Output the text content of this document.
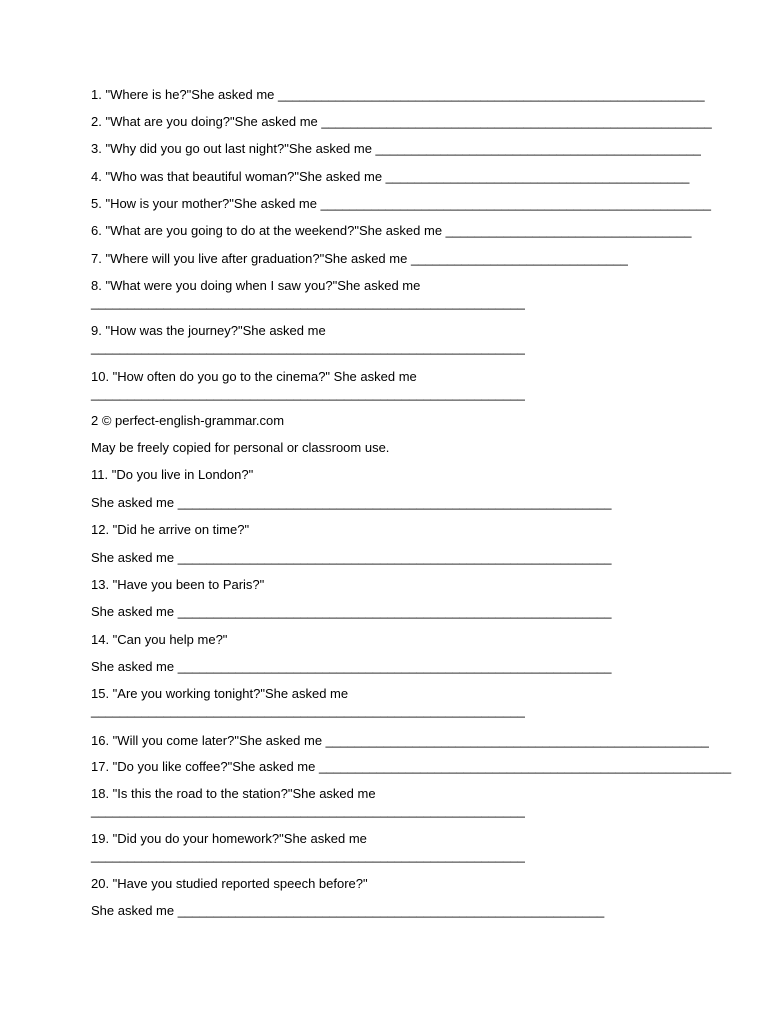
1. "Where is he?"She asked me ___________________________________________________________
2. "What are you doing?"She asked me ______________________________________________________
3. "Why did you go out last night?"She asked me _____________________________________________
4. "Who was that beautiful woman?"She asked me __________________________________________
5. "How is your mother?"She asked me ______________________________________________________
6. "What are you going to do at the weekend?"She asked me __________________________________
7. "Where will you live after graduation?"She asked me ______________________________
8. "What were you doing when I saw you?"She asked me
____________________________________________________________
9. "How was the journey?"She asked me
____________________________________________________________
10. "How often do you go to the cinema?" She asked me
____________________________________________________________
2 © perfect-english-grammar.com
May be freely copied for personal or classroom use.
11. "Do you live in London?"
She asked me ____________________________________________________________
12. "Did he arrive on time?"
She asked me ____________________________________________________________
13. "Have you been to Paris?"
She asked me ____________________________________________________________
14. "Can you help me?"
She asked me ____________________________________________________________
15. "Are you working tonight?"She asked me
____________________________________________________________
16. "Will you come later?"She asked me _____________________________________________________
17. "Do you like coffee?"She asked me _________________________________________________________
18. "Is this the road to the station?"She asked me
____________________________________________________________
19. "Did you do your homework?"She asked me
____________________________________________________________
20. "Have you studied reported speech before?"
She asked me ___________________________________________________________
